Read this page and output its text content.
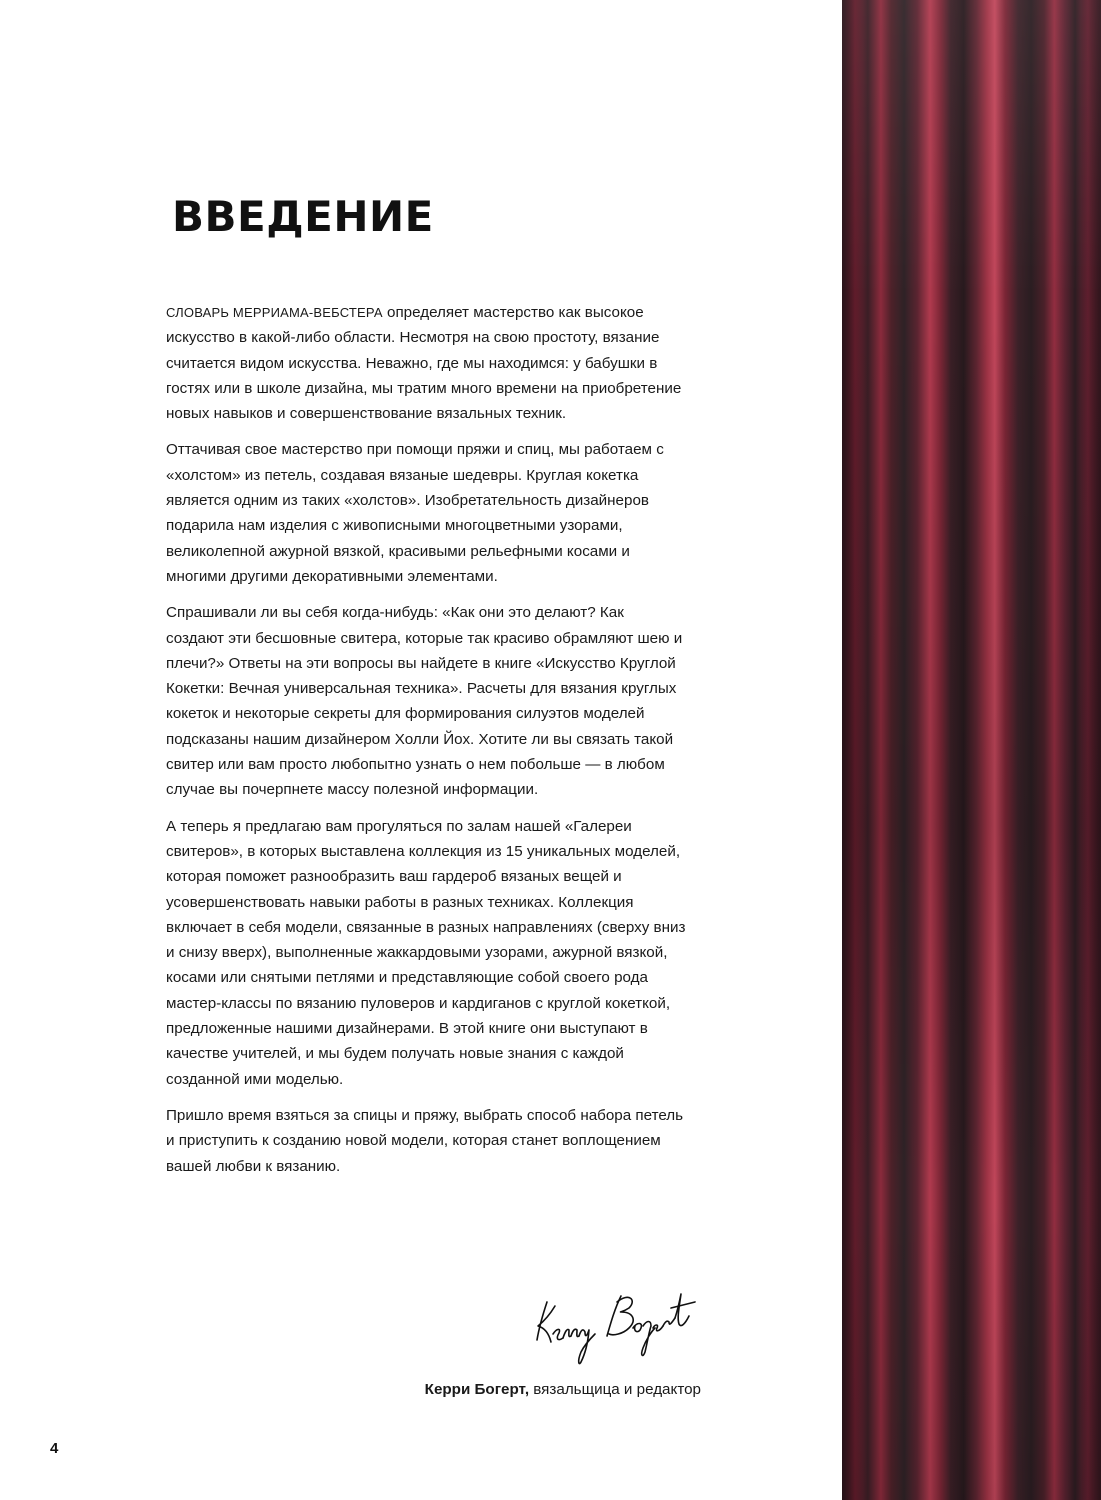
ВВЕДЕНИЕ

СЛОВАРЬ МЕРРИАМА-ВЕБСТЕРА определяет мастерство как высокое искусство в какой-либо области. Несмотря на свою простоту, вязание считается видом искусства. Неважно, где мы находимся: у бабушки в гостях или в школе дизайна, мы тратим много времени на приобретение новых навыков и совершенствование вязальных техник.

Оттачивая свое мастерство при помощи пряжи и спиц, мы работаем с «холстом» из петель, создавая вязаные шедевры. Круглая кокетка является одним из таких «холстов». Изобретательность дизайнеров подарила нам изделия с живописными многоцветными узорами, великолепной ажурной вязкой, красивыми рельефными косами и многими другими декоративными элементами.

Спрашивали ли вы себя когда-нибудь: «Как они это делают? Как создают эти бесшовные свитера, которые так красиво обрамляют шею и плечи?» Ответы на эти вопросы вы найдете в книге «Искусство Круглой Кокетки: Вечная универсальная техника». Расчеты для вязания круглых кокеток и некоторые секреты для формирования силуэтов моделей подсказаны нашим дизайнером Холли Йох. Хотите ли вы связать такой свитер или вам просто любопытно узнать о нем побольше — в любом случае вы почерпнете массу полезной информации.

А теперь я предлагаю вам прогуляться по залам нашей «Галереи свитеров», в которых выставлена коллекция из 15 уникальных моделей, которая поможет разнообразить ваш гардероб вязаных вещей и усовершенствовать навыки работы в разных техниках. Коллекция включает в себя модели, связанные в разных направлениях (сверху вниз и снизу вверх), выполненные жаккардовыми узорами, ажурной вязкой, косами или снятыми петлями и представляющие собой своего рода мастер-классы по вязанию пуловеров и кардиганов с круглой кокеткой, предложенные нашими дизайнерами. В этой книге они выступают в качестве учителей, и мы будем получать новые знания с каждой созданной ими моделью.

Пришло время взяться за спицы и пряжу, выбрать способ набора петель и приступить к созданию новой модели, которая станет воплощением вашей любви к вязанию.

Керри Богерт, вязальщица и редактор
4
